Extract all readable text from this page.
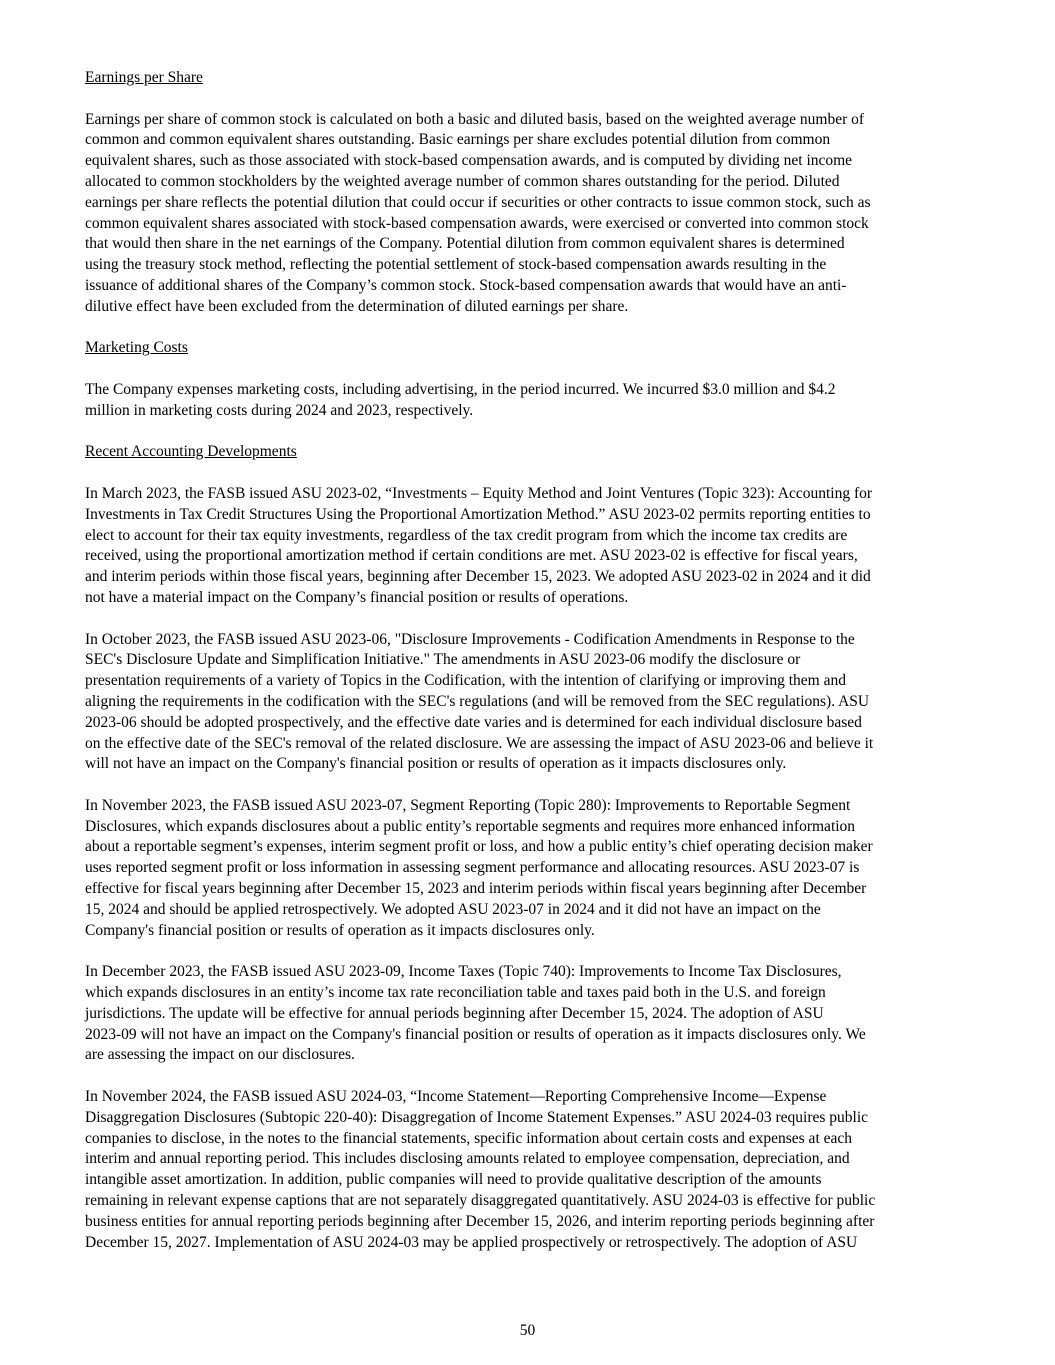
Earnings per Share
Earnings per share of common stock is calculated on both a basic and diluted basis, based on the weighted average number of
common and common equivalent shares outstanding. Basic earnings per share excludes potential dilution from common
equivalent shares, such as those associated with stock-based compensation awards, and is computed by dividing net income
allocated to common stockholders by the weighted average number of common shares outstanding for the period. Diluted
earnings per share reflects the potential dilution that could occur if securities or other contracts to issue common stock, such as
common equivalent shares associated with stock-based compensation awards, were exercised or converted into common stock
that would then share in the net earnings of the Company. Potential dilution from common equivalent shares is determined
using the treasury stock method, reflecting the potential settlement of stock-based compensation awards resulting in the
issuance of additional shares of the Company’s common stock. Stock-based compensation awards that would have an anti-
dilutive effect have been excluded from the determination of diluted earnings per share.
Marketing Costs
The Company expenses marketing costs, including advertising, in the period incurred. We incurred $3.0 million and $4.2
million in marketing costs during 2024 and 2023, respectively.
Recent Accounting Developments
In March 2023, the FASB issued ASU 2023-02, “Investments – Equity Method and Joint Ventures (Topic 323): Accounting for
Investments in Tax Credit Structures Using the Proportional Amortization Method.” ASU 2023-02 permits reporting entities to
elect to account for their tax equity investments, regardless of the tax credit program from which the income tax credits are
received, using the proportional amortization method if certain conditions are met. ASU 2023-02 is effective for fiscal years,
and interim periods within those fiscal years, beginning after December 15, 2023. We adopted ASU 2023-02 in 2024 and it did
not have a material impact on the Company’s financial position or results of operations.
In October 2023, the FASB issued ASU 2023-06, "Disclosure Improvements - Codification Amendments in Response to the
SEC's Disclosure Update and Simplification Initiative." The amendments in ASU 2023-06 modify the disclosure or
presentation requirements of a variety of Topics in the Codification, with the intention of clarifying or improving them and
aligning the requirements in the codification with the SEC's regulations (and will be removed from the SEC regulations). ASU
2023-06 should be adopted prospectively, and the effective date varies and is determined for each individual disclosure based
on the effective date of the SEC's removal of the related disclosure. We are assessing the impact of ASU 2023-06 and believe it
will not have an impact on the Company's financial position or results of operation as it impacts disclosures only.
In November 2023, the FASB issued ASU 2023-07, Segment Reporting (Topic 280): Improvements to Reportable Segment
Disclosures, which expands disclosures about a public entity’s reportable segments and requires more enhanced information
about a reportable segment’s expenses, interim segment profit or loss, and how a public entity’s chief operating decision maker
uses reported segment profit or loss information in assessing segment performance and allocating resources. ASU 2023-07 is
effective for fiscal years beginning after December 15, 2023 and interim periods within fiscal years beginning after December
15, 2024 and should be applied retrospectively. We adopted ASU 2023-07 in 2024 and it did not have an impact on the
Company's financial position or results of operation as it impacts disclosures only.
In December 2023, the FASB issued ASU 2023-09, Income Taxes (Topic 740): Improvements to Income Tax Disclosures,
which expands disclosures in an entity’s income tax rate reconciliation table and taxes paid both in the U.S. and foreign
jurisdictions. The update will be effective for annual periods beginning after December 15, 2024. The adoption of ASU
2023-09 will not have an impact on the Company's financial position or results of operation as it impacts disclosures only. We
are assessing the impact on our disclosures.
In November 2024, the FASB issued ASU 2024-03, “Income Statement—Reporting Comprehensive Income—Expense
Disaggregation Disclosures (Subtopic 220-40): Disaggregation of Income Statement Expenses.” ASU 2024-03 requires public
companies to disclose, in the notes to the financial statements, specific information about certain costs and expenses at each
interim and annual reporting period. This includes disclosing amounts related to employee compensation, depreciation, and
intangible asset amortization. In addition, public companies will need to provide qualitative description of the amounts
remaining in relevant expense captions that are not separately disaggregated quantitatively. ASU 2024-03 is effective for public
business entities for annual reporting periods beginning after December 15, 2026, and interim reporting periods beginning after
December 15, 2027. Implementation of ASU 2024-03 may be applied prospectively or retrospectively. The adoption of ASU
50
